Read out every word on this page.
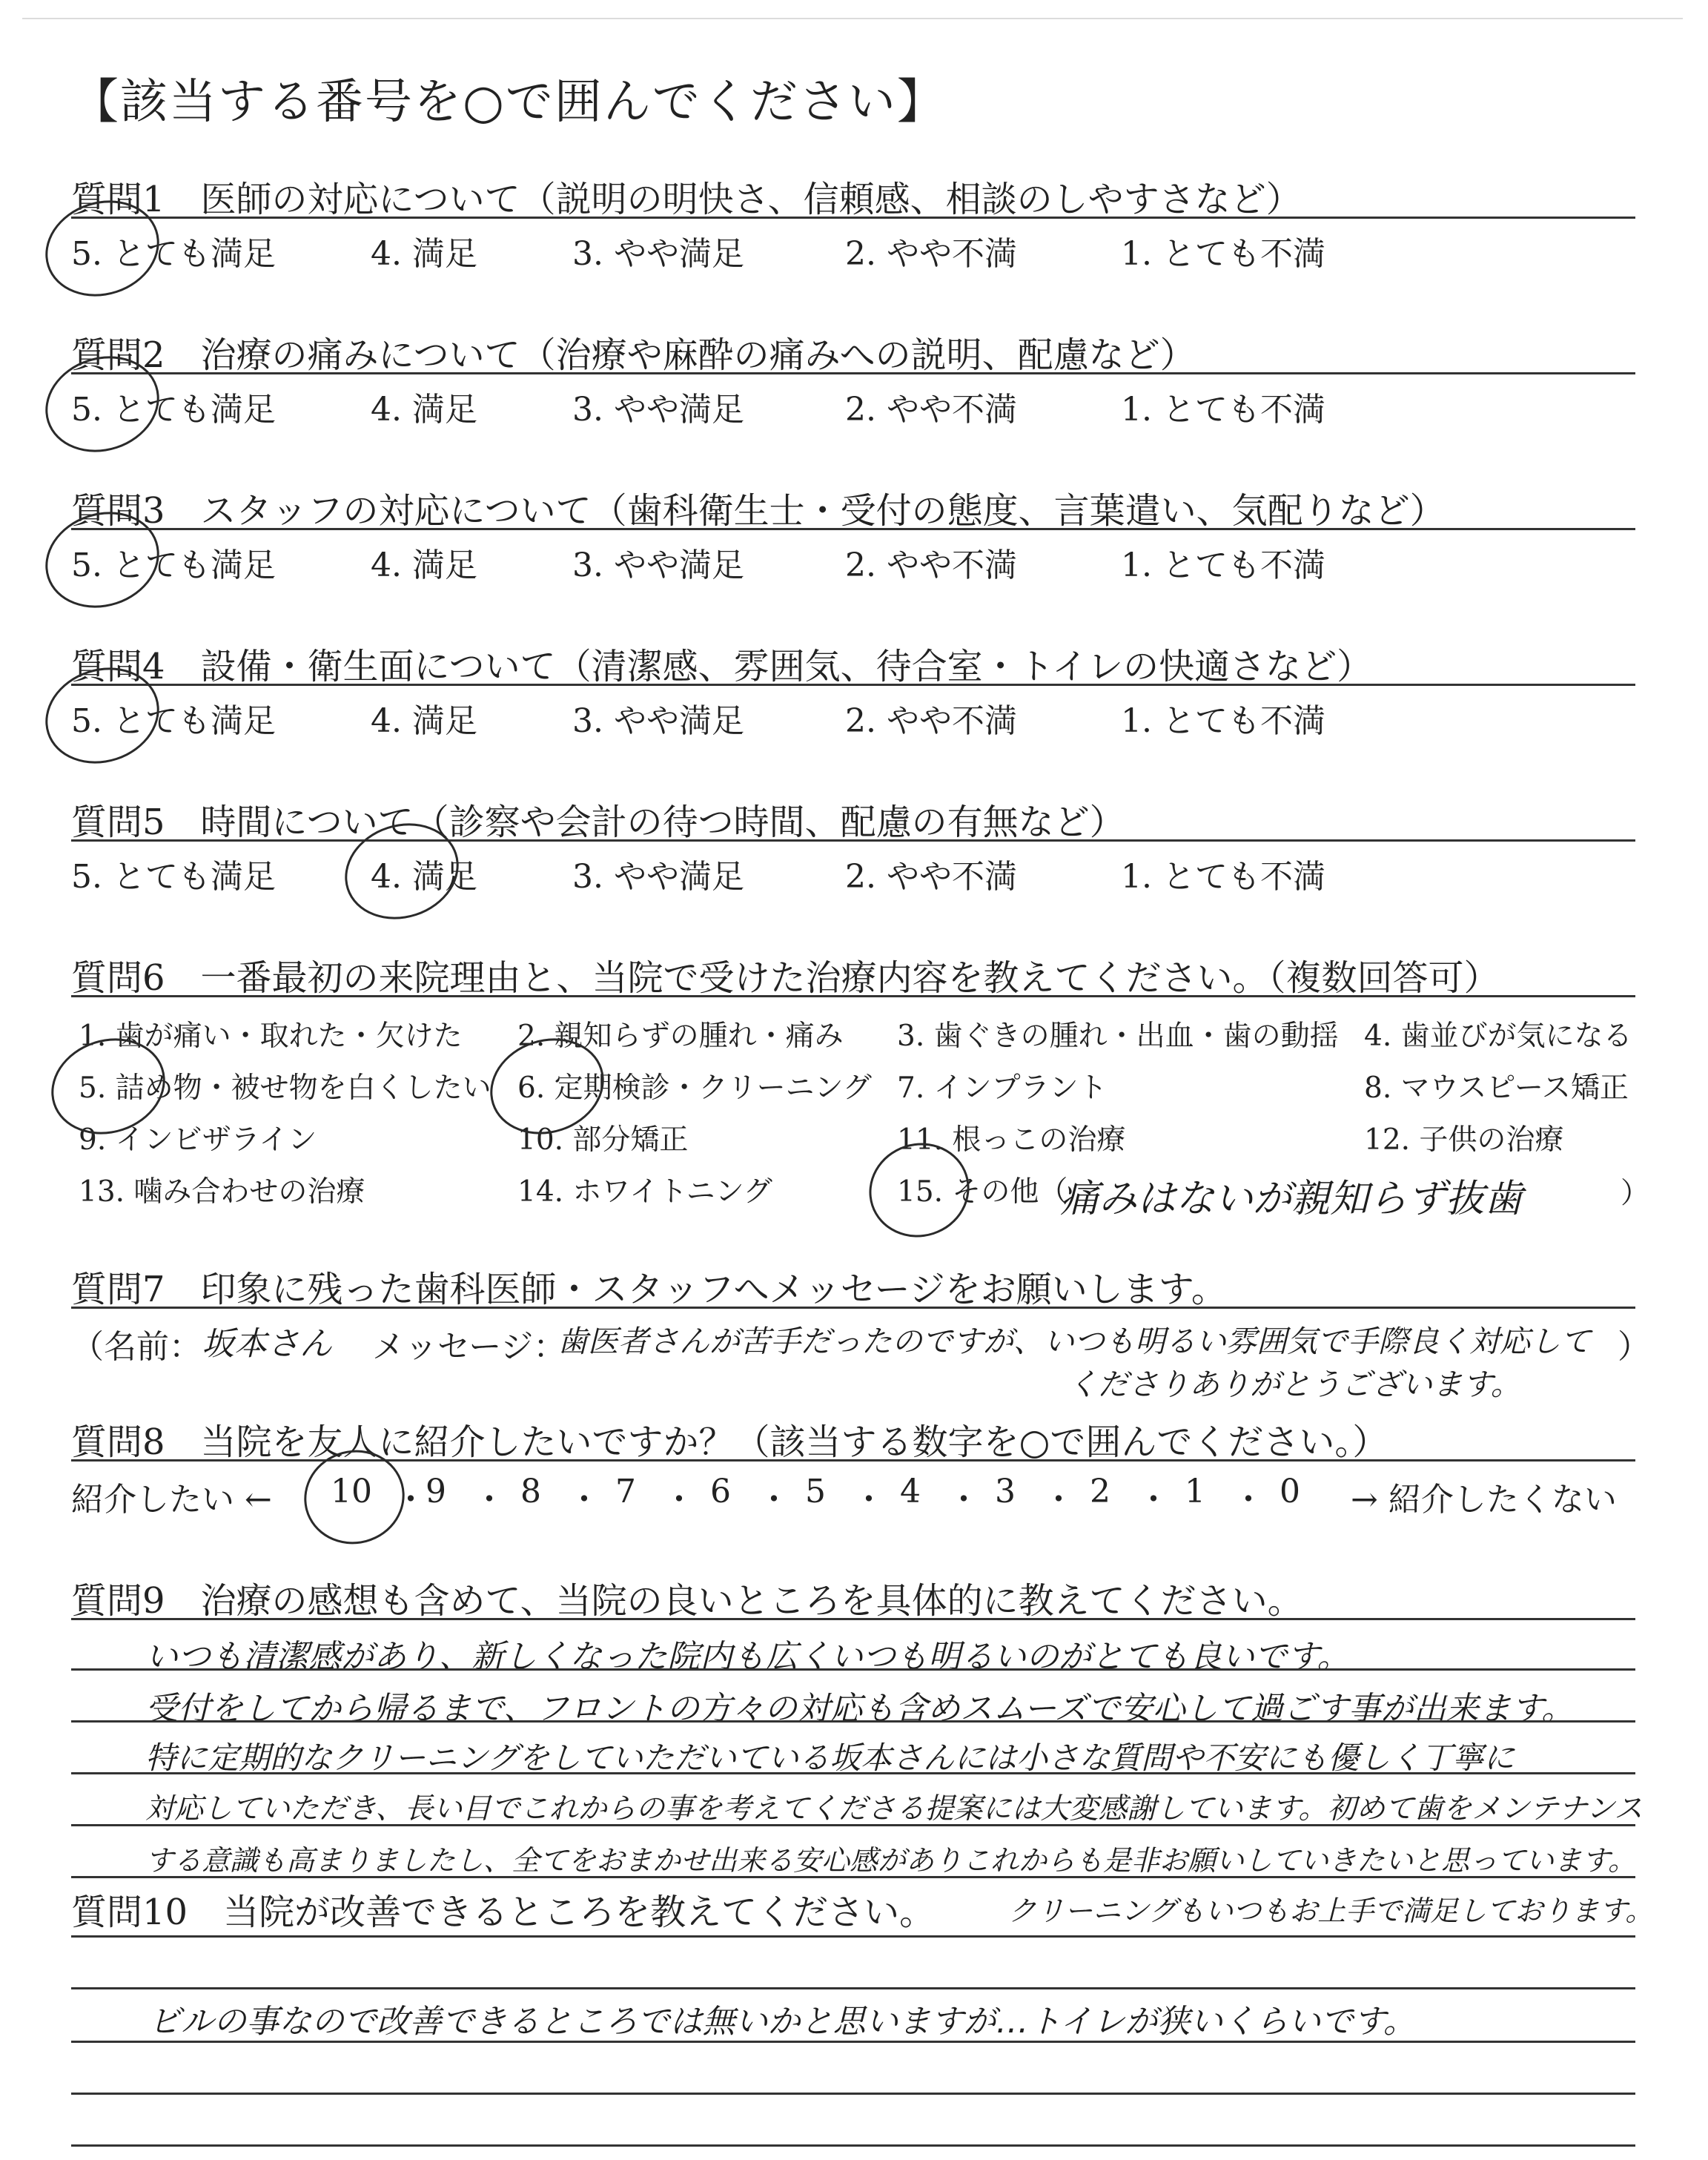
【該当する番号を○で囲んでください】
質問1　医師の対応について（説明の明快さ、信頼感、相談のしやすさなど）
質問2　治療の痛みについて（治療や麻酔の痛みへの説明、配慮など）
質問3　スタッフの対応について（歯科衛生士・受付の態度、言葉遣い、気配りなど）
質問4　設備・衛生面について（清潔感、雰囲気、待合室・トイレの快適さなど）
質問5　時間について（診察や会計の待つ時間、配慮の有無など）
5. とても満足	4. 満足	3. やや満足	2. やや不満	1. とても不満
5. とても満足	4. 満足	3. やや満足	2. やや不満	1. とても不満
5. とても満足	4. 満足	3. やや満足	2. やや不満	1. とても不満
5. とても満足	4. 満足	3. やや満足	2. やや不満	1. とても不満
5. とても満足	4. 満足	3. やや満足	2. やや不満	1. とても不満
質問6　一番最初の来院理由と、当院で受けた治療内容を教えてください。（複数回答可）
1. 歯が痛い・取れた・欠けた 2. 親知らずの腫れ・痛み 3. 歯ぐきの腫れ・出血・歯の動揺 4. 歯並びが気になる
5. 詰め物・被せ物を白くしたい 6. 定期検診・クリーニング 7. インプラント	8. マウスピース矯正
9. インビザライン	10. 部分矯正	11. 根っこの治療	12. 子供の治療
13. 噛み合わせの治療	14. ホワイトニング	15. その他（
痛みはないが親知らず抜歯	）
質問7　印象に残った歯科医師・スタッフへメッセージをお願いします。
（名前： 坂本さん メッセージ：
歯医者さんが苦手だったのですが、いつも明るい雰囲気で手際良く対応して ）
くださりありがとうございます。
質問8　当院を友人に紹介したいですか？（該当する数字を○で囲んでください。）
紹介したい ← 10 ・
9 ・ 8 ・ 7 ・ 6 ・ 5 ・ 4 ・ 3 ・ 2 ・ 1 ・ 0 → 紹介したくない
質問9　治療の感想も含めて、当院の良いところを具体的に教えてください。
いつも清潔感があり、新しくなった院内も広くいつも明るいのがとても良いです。
受付をしてから帰るまで、フロントの方々の対応も含めスムーズで安心して過ごす事が出来ます。
特に定期的なクリーニングをしていただいている坂本さんには小さな質問や不安にも優しく丁寧に
対応していただき、長い目でこれからの事を考えてくださる提案には大変感謝しています。初めて歯をメンテナンス
する意識も高まりましたし、全てをおまかせ出来る安心感がありこれからも是非お願いしていきたいと思っています。
質問10　当院が改善できるところを教えてください。	クリーニングもいつもお上手で満足しております。
ビルの事なので改善できるところでは無いかと思いますが…トイレが狭いくらいです。
